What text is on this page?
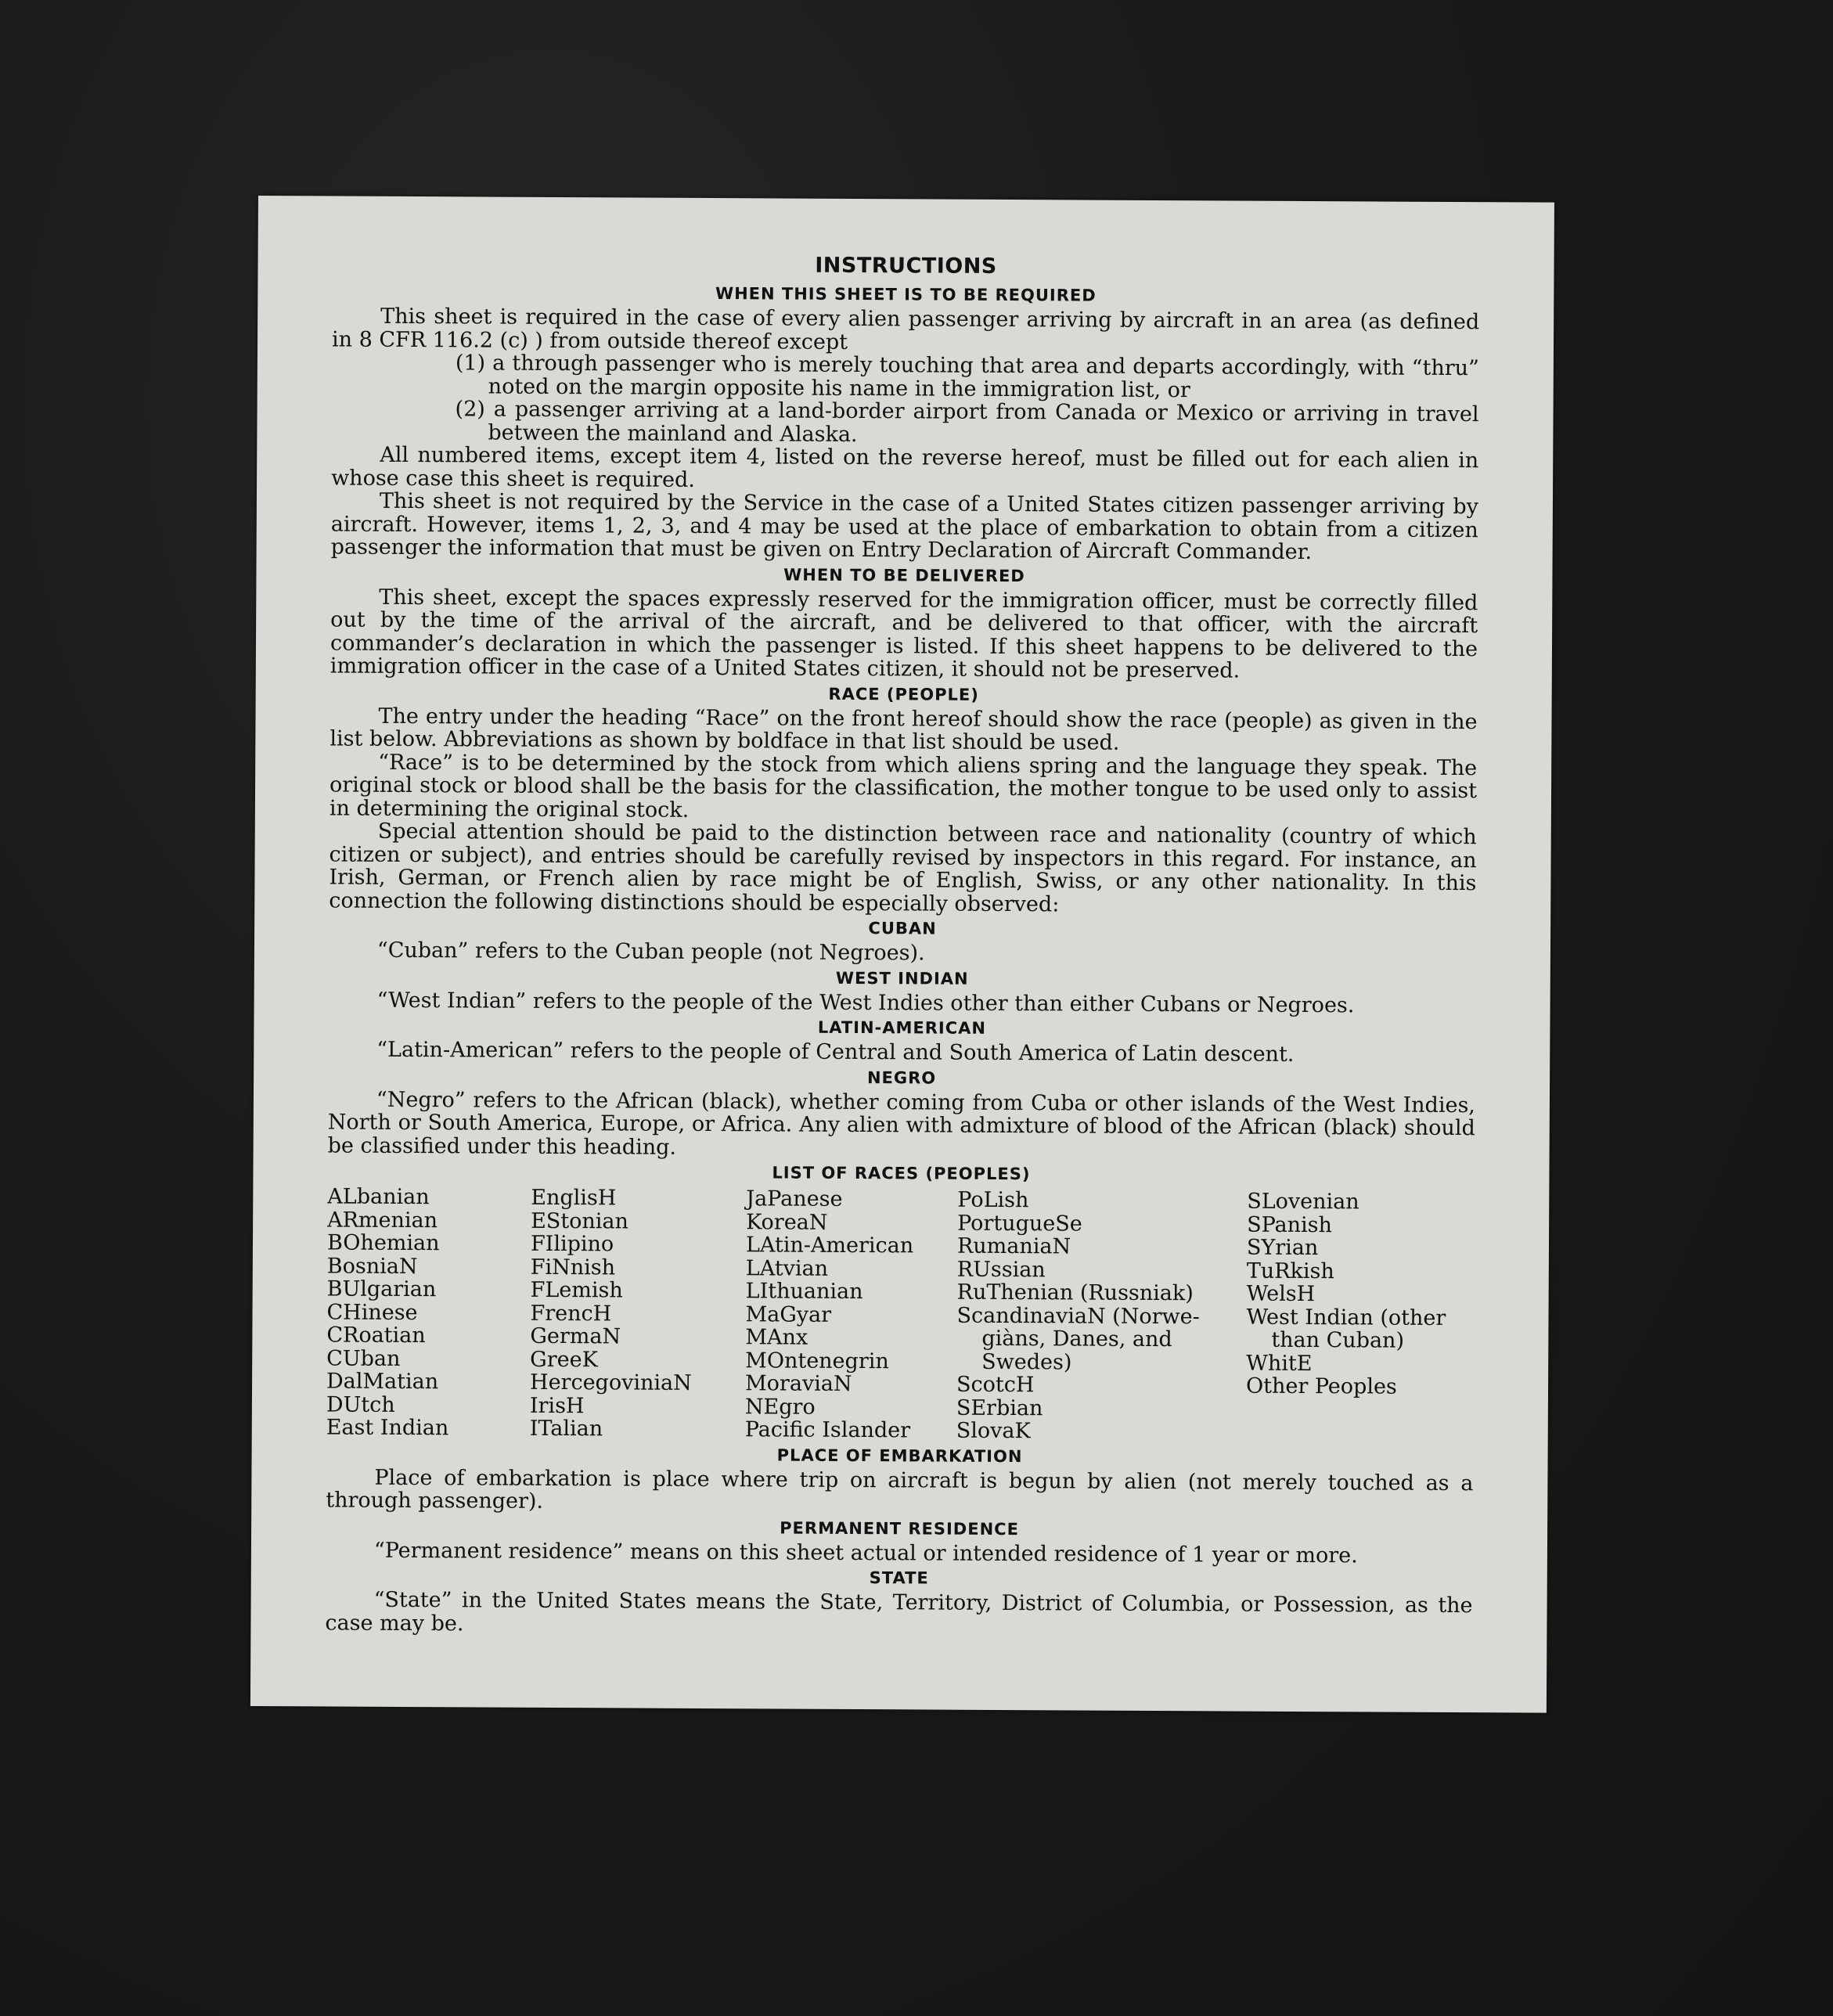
INSTRUCTIONS
WHEN THIS SHEET IS TO BE REQUIRED

This sheet is required in the case of every alien passenger arriving by aircraft in an area (as defined in 8 CFR 116.2 (c) ) from outside thereof except

(1) a through passenger who is merely touching that area and departs accordingly, with “thru” noted on the margin opposite his name in the immigration list, or

(2) a passenger arriving at a land-border airport from Canada or Mexico or arriving in travel between the mainland and Alaska.

All numbered items, except item 4, listed on the reverse hereof, must be filled out for each alien in whose case this sheet is required.

This sheet is not required by the Service in the case of a United States citizen passenger arriving by aircraft. However, items 1, 2, 3, and 4 may be used at the place of embarkation to obtain from a citizen passenger the information that must be given on Entry Declaration of Aircraft Commander.

WHEN TO BE DELIVERED

This sheet, except the spaces expressly reserved for the immigration officer, must be correctly filled out by the time of the arrival of the aircraft, and be delivered to that officer, with the aircraft commander’s declaration in which the passenger is listed. If this sheet happens to be delivered to the immigration officer in the case of a United States citizen, it should not be preserved.

RACE (PEOPLE)

The entry under the heading “Race” on the front hereof should show the race (people) as given in the list below. Abbreviations as shown by boldface in that list should be used.

“Race” is to be determined by the stock from which aliens spring and the language they speak. The original stock or blood shall be the basis for the classification, the mother tongue to be used only to assist in determining the original stock.

Special attention should be paid to the distinction between race and nationality (country of which citizen or subject), and entries should be carefully revised by inspectors in this regard. For instance, an Irish, German, or French alien by race might be of English, Swiss, or any other nationality. In this connection the following distinctions should be especially observed:

CUBAN

“Cuban” refers to the Cuban people (not Negroes).

WEST INDIAN

“West Indian” refers to the people of the West Indies other than either Cubans or Negroes.

LATIN-AMERICAN

“Latin-American” refers to the people of Central and South America of Latin descent.

NEGRO

“Negro” refers to the African (black), whether coming from Cuba or other islands of the West Indies, North or South America, Europe, or Africa. Any alien with admixture of blood of the African (black) should be classified under this heading.

LIST OF RACES (PEOPLES)
ALbanian
ARmenian
BOhemian
BosniaN
BUlgarian
CHinese
CRoatian
CUban
DalMatian
DUtch
East Indian
EnglisH
EStonian
FIlipino
FiNnish
FLemish
FrencH
GermaN
GreeK
HercegoviniaN
IrisH
ITalian
JaPanese
KoreaN
LAtin-American
LAtvian
LIthuanian
MaGyar
MAnx
MOntenegrin
MoraviaN
NEgro
Pacific Islander
PoLish
PortugueSe
RumaniaN
RUssian
RuThenian (Russniak)
ScandinaviaN (Norwe-
giàns, Danes, and
Swedes)
ScotcH
SErbian
SlovaK
SLovenian
SPanish
SYrian
TuRkish
WelsH
West Indian (other
than Cuban)
WhitE
Other Peoples
PLACE OF EMBARKATION

Place of embarkation is place where trip on aircraft is begun by alien (not merely touched as a through passenger).

PERMANENT RESIDENCE

“Permanent residence” means on this sheet actual or intended residence of 1 year or more.

STATE

“State” in the United States means the State, Territory, District of Columbia, or Possession, as the case may be.
